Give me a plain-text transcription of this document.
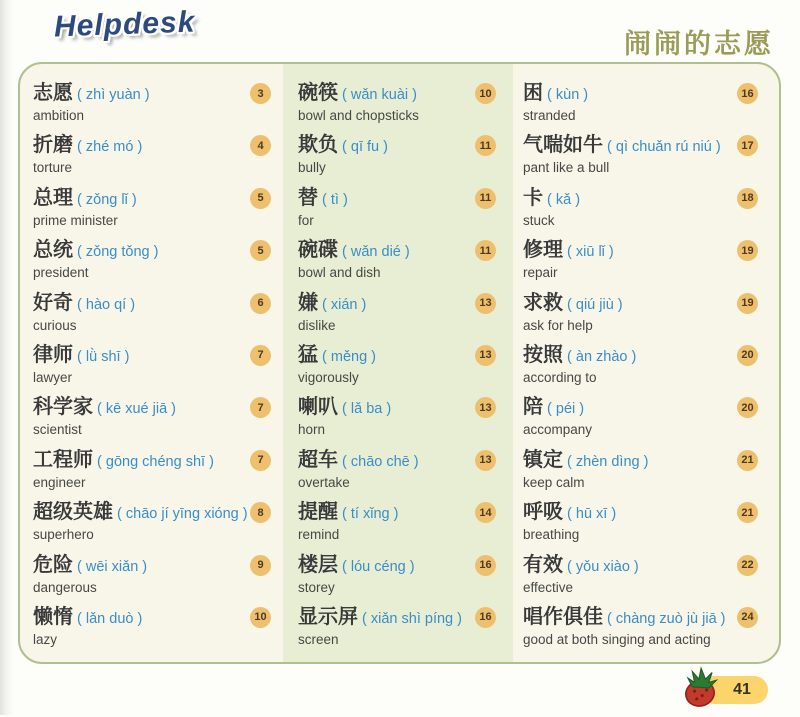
Helpdesk
闹闹的志愿
志愿 ( zhì yuàn )
ambition
3
折磨 ( zhé mó )
torture
4
总理 ( zǒng lǐ )
prime minister
5
总统 ( zǒng tǒng )
president
5
好奇 ( hào qí )
curious
6
律师 ( lǜ shī )
lawyer
7
科学家 ( kē xué jiā )
scientist
7
工程师 ( gōng chéng shī )
engineer
7
超级英雄 ( chāo jí yīng xióng )
superhero
8
危险 ( wēi xiǎn )
dangerous
9
懒惰 ( lǎn duò )
lazy
10
碗筷 ( wǎn kuài )
bowl and chopsticks
10
欺负 ( qī fu )
bully
11
替 ( tì )
for
11
碗碟 ( wǎn dié )
bowl and dish
11
嫌 ( xián )
dislike
13
猛 ( měng )
vigorously
13
喇叭 ( lǎ ba )
horn
13
超车 ( chāo chē )
overtake
13
提醒 ( tí xǐng )
remind
14
楼层 ( lóu céng )
storey
16
显示屏 ( xiǎn shì píng )
screen
16
困 ( kùn )
stranded
16
气喘如牛 ( qì chuǎn rú niú )
pant like a bull
17
卡 ( kǎ )
stuck
18
修理 ( xiū lǐ )
repair
19
求救 ( qiú jiù )
ask for help
19
按照 ( àn zhào )
according to
20
陪 ( péi )
accompany
20
镇定 ( zhèn dìng )
keep calm
21
呼吸 ( hū xī )
breathing
21
有效 ( yǒu xiào )
effective
22
唱作俱佳 ( chàng zuò jù jiā )
good at both singing and acting
24
41
